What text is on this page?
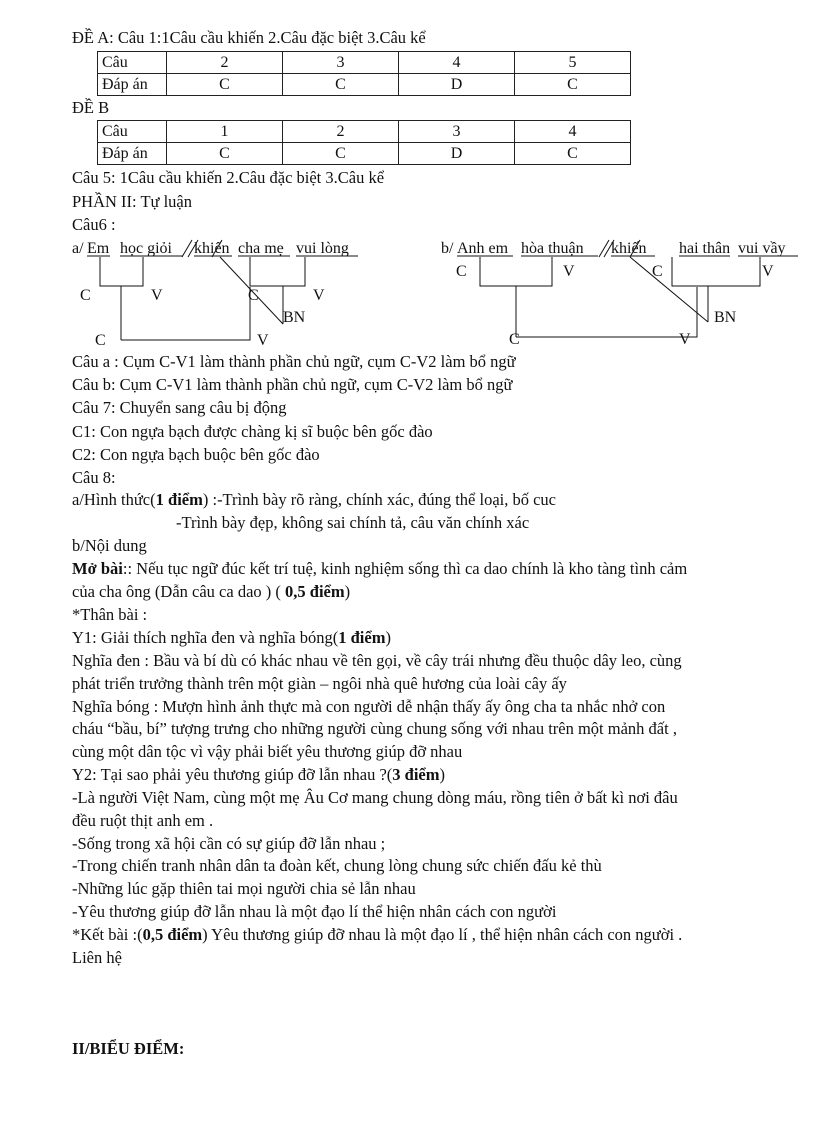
ĐỀ A: Câu 1:1Câu cầu khiến 2.Câu đặc biệt 3.Câu kể
Câu	2	3	4	5
Đáp án	C	C	D	C
ĐỀ B
Câu	1	2	3	4
Đáp án	C	C	D	C
Câu 5: 1Câu cầu khiến 2.Câu đặc biệt 3.Câu kể
PHẦN II: Tự luận
Câu6 :
a/ Em học giỏi khiến cha mẹ vui lòng
C	V	C	V
BN
C	V
b/ Anh em hòa thuận khiến hai thân vui vầy
C	V	C	V
BN
C	V
Câu a : Cụm C-V1 làm thành phần chủ ngữ, cụm C-V2 làm bổ ngữ
Câu b: Cụm C-V1 làm thành phần chủ ngữ, cụm C-V2 làm bổ ngữ
Câu 7: Chuyển sang câu bị động
C1: Con ngựa bạch được chàng kị sĩ buộc bên gốc đào
C2: Con ngựa bạch buộc bên gốc đào
Câu 8:
a/Hình thức(1 điểm) :-Trình bày rõ ràng, chính xác, đúng thể loại, bố cuc
-Trình bày đẹp, không sai chính tả, câu văn chính xác
b/Nội dung
Mở bài:: Nếu tục ngữ đúc kết trí tuệ, kinh nghiệm sống thì ca dao chính là kho tàng tình cảm
của cha ông (Dẫn câu ca dao ) ( 0,5 điểm)
*Thân bài :
Y1: Giải thích nghĩa đen và nghĩa bóng(1 điểm)
Nghĩa đen : Bầu và bí dù có khác nhau về tên gọi, về cây trái nhưng đều thuộc dây leo, cùng
phát triển trưởng thành trên một giàn – ngôi nhà quê hương của loài cây ấy
Nghĩa bóng : Mượn hình ảnh thực mà con người dễ nhận thấy ấy ông cha ta nhắc nhở con
cháu “bầu, bí” tượng trưng cho những người cùng chung sống với nhau trên một mảnh đất ,
cùng một dân tộc vì vậy phải biết yêu thương giúp đỡ nhau
Y2: Tại sao phải yêu thương giúp đỡ lẫn nhau ?(3 điểm)
-Là người Việt Nam, cùng một mẹ Âu Cơ mang chung dòng máu, rồng tiên ở bất kì nơi đâu
đều ruột thịt anh em .
-Sống trong xã hội cần có sự giúp đỡ lẫn nhau ;
-Trong chiến tranh nhân dân ta đoàn kết, chung lòng chung sức chiến đấu kẻ thù
-Những lúc gặp thiên tai mọi người chia sẻ lẫn nhau
-Yêu thương giúp đỡ lẫn nhau là một đạo lí thể hiện nhân cách con người
*Kết bài :(0,5 điểm) Yêu thương giúp đỡ nhau là một đạo lí , thể hiện nhân cách con người .
Liên hệ
II/BIỂU ĐIỂM:
